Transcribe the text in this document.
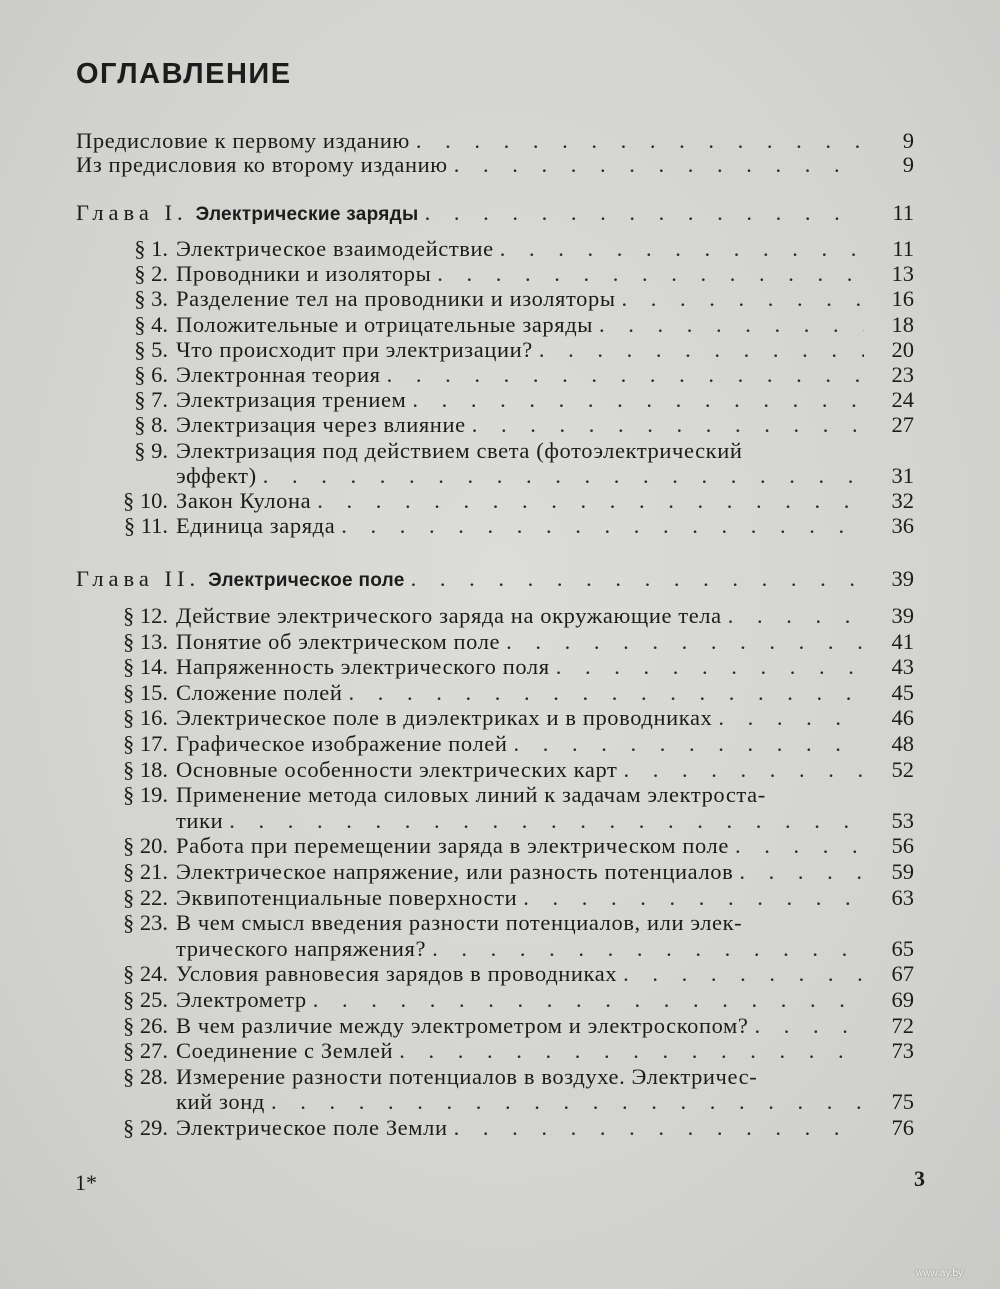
ОГЛАВЛЕНИЕ
Предисловие к первому изданию . . .	9
Из предисловия ко второму изданию . . .	9
Глава I. Электрические заряды . . .	11
§ 1. Электрическое взаимодействие . . .	11
§ 2. Проводники и изоляторы . . .	13
§ 3. Разделение тел на проводники и изоляторы . . .	16
§ 4. Положительные и отрицательные заряды . . .	18
§ 5. Что происходит при электризации? . . .	20
§ 6. Электронная теория . . .	23
§ 7. Электризация трением . . .	24
§ 8. Электризация через влияние . . .	27
§ 9. Электризация под действием света (фотоэлектрический
эффект) . . .	31
§ 10. Закон Кулона . . .	32
§ 11. Единица заряда . . .	36
Глава II. Электрическое поле . . .	39
§ 12. Действие электрического заряда на окружающие тела . . .	39
§ 13. Понятие об электрическом поле . . .	41
§ 14. Напряженность электрического поля . . .	43
§ 15. Сложение полей . . .	45
§ 16. Электрическое поле в диэлектриках и в проводниках . . .	46
§ 17. Графическое изображение полей . . .	48
§ 18. Основные особенности электрических карт . . .	52
§ 19. Применение метода силовых линий к задачам электроста-
тики . . .	53
§ 20. Работа при перемещении заряда в электрическом поле . . .	56
§ 21. Электрическое напряжение, или разность потенциалов . . .	59
§ 22. Эквипотенциальные поверхности . . .	63
§ 23. В чем смысл введения разности потенциалов, или элек-
трического напряжения? . . .	65
§ 24. Условия равновесия зарядов в проводниках . . .	67
§ 25. Электрометр . . .	69
§ 26. В чем различие между электрометром и электроскопом? . . .	72
§ 27. Соединение с Землей . . .	73
§ 28. Измерение разности потенциалов в воздухе. Электричес-
кий зонд . . .	75
§ 29. Электрическое поле Земли . . .	76
1*	3
www.ay.by
